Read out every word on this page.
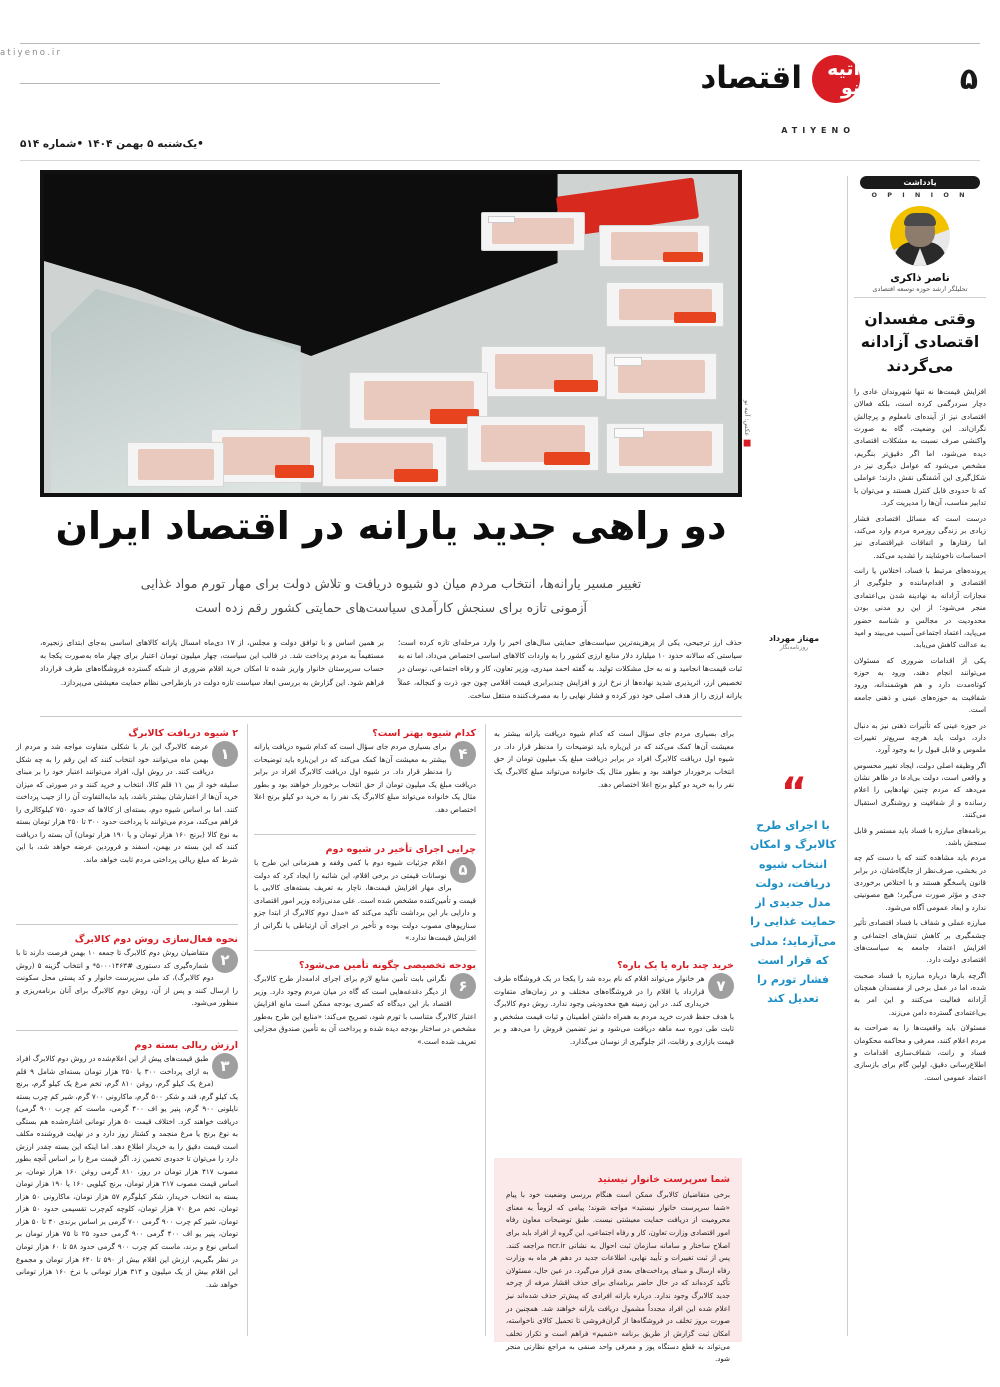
atiyeno.ir
۵
اقتصاد	آتیه نو
ATIYENO
•یک‌شنبه ۵ بهمن ۱۴۰۴ •شماره ۵۱۴
یادداشت
O P I N I O N
ناصر ذاکری
تحلیلگر ارشد حوزه توسعه اقتصادی
وقتی مفسدان اقتصادی آزادانه می‌گردند

افزایش قیمت‌ها نه تنها شهروندان عادی را دچار سردرگمی کرده است، بلکه فعالان اقتصادی نیز از آینده‌ای نامعلوم و پرچالش نگران‌اند. این وضعیت، گاه به صورت واکنشی صرف نسبت به مشکلات اقتصادی دیده می‌شود، اما اگر دقیق‌تر بنگریم، مشخص می‌شود که عوامل دیگری نیز در شکل‌گیری این آشفتگی نقش دارند؛ عواملی که تا حدودی قابل کنترل هستند و می‌توان با تدابیر مناسب، آن‌ها را مدیریت کرد.

درست است که مسائل اقتصادی فشار زیادی بر زندگی روزمره مردم وارد می‌کند، اما رفتارها و اتفاقات غیراقتصادی نیز احساسات ناخوشایند را تشدید می‌کند.

پرونده‌های مرتبط با فساد، اختلاس یا رانت اقتصادی و اقدام‌ماننده و جلوگیری از مجازات آزادانه به نهادینه شدن بی‌اعتمادی منجر می‌شود؛ از این رو مدنی بودن محدودیت در مجالس و شناسه حضور می‌پاید، اعتماد اجتماعی آسیب می‌بیند و امید به عدالت کاهش می‌یابد.

یکی از اقدامات ضروری که مسئولان می‌توانند انجام دهند، ورود به حوزه کوتاه‌مدت دارد و هم هوشمندانه، ورود شفافیت به حوزه‌های عینی و ذهنی جامعه است.

در حوزه عینی که تأثیرات ذهنی نیز به دنبال دارد، دولت باید هرچه سریع‌تر تغییرات ملموس و قابل قبول را به وجود آورد.

اگر وظیفه اصلی دولت، ایجاد تغییر محسوس و واقعی است، دولت بی‌ادعا در ظاهر نشان می‌دهد که مردم چنین نهادهایی را اعلام رسانده و از شفافیت و روشنگری استقبال می‌کنند.

برنامه‌های مبارزه با فساد باید مستمر و قابل سنجش باشد.

مردم باید مشاهده کنند که با دست کم چه در بخشی، صرف‌نظر از جایگاه‌شان، در برابر قانون پاسخگو هستند و با اختلاص برخوردی جدی و مؤثر صورت می‌گیرد؛ هیچ مصونیتی ندارد و ابعاد عمومی آگاه می‌شود.

مبارزه عملی و شفاف با فساد اقتصادی تأثیر چشمگیری بر کاهش تنش‌های اجتماعی و افزایش اعتماد جامعه به سیاست‌های اقتصادی دولت دارد.

اگرچه بارها درباره مبارزه با فساد صحبت شده، اما در عمل برخی از مفسدان همچنان آزادانه فعالیت می‌کنند و این امر به بی‌اعتمادی گسترده دامن می‌زند.

مسئولان باید واقعیت‌ها را به صراحت به مردم اعلام کنند، معرفی و محاکمه محکومان فساد و رانت، شفاف‌سازی اقدامات و اطلاع‌رسانی دقیق، اولین گام برای بازسازی اعتماد عمومی است.

■ عکس: آتیه نو
دو راهی جدید یارانه در اقتصاد ایران
تغییر مسیر یارانه‌ها، انتخاب مردم میان دو شیوه دریافت و تلاش دولت برای مهار تورم مواد غذایی
آزمونی تازه برای سنجش کارآمدی سیاست‌های حمایتی کشور رقم زده است
مهناز مهرداد
روزنامه‌نگار

حذف ارز ترجیحی، یکی از پرهزینه‌ترین سیاست‌های حمایتی سال‌های اخیر را وارد مرحله‌ای تازه کرده است؛ سیاستی که سالانه حدود ۱۰ میلیارد دلار منابع ارزی کشور را به واردات کالاهای اساسی اختصاص می‌داد، اما نه به ثبات قیمت‌ها انجامید و نه به حل مشکلات تولید. به گفته احمد میدری، وزیر تعاون، کار و رفاه اجتماعی، نوسان در تخصیص ارز، اثرپذیری شدید نهاده‌ها از نرخ ارز و افزایش چندبرابری قیمت اقلامی چون جو، ذرت و کنجاله، عملاً یارانه ارزی را از هدف اصلی خود دور کرده و فشار نهایی را به مصرف‌کننده منتقل ساخت.

بر همین اساس و با توافق دولت و مجلس، از ۱۷ دی‌ماه امسال یارانه کالاهای اساسی به‌جای ابتدای زنجیره، مستقیماً به مردم پرداخت شد. در قالب این سیاست، چهار میلیون تومان اعتبار برای چهار ماه به‌صورت یکجا به حساب سرپرستان خانوار واریز شده تا امکان خرید اقلام ضروری از شبکه گسترده فروشگاه‌های طرف قرارداد فراهم شود. این گزارش به بررسی ابعاد سیاست تازه دولت در بازطراحی نظام حمایت معیشتی می‌پردازد.

“
با اجرای طرح کالابرگ و امکان انتخاب شیوه دریافت، دولت مدل جدیدی از حمایت غذایی را می‌آزماید؛ مدلی که قرار است فشار تورم را تعدیل کند
۲ شیوه دریافت کالابرگ
۱
عرضه کالابرگ این بار با شکلی متفاوت مواجه شد و مردم از بهمن ماه می‌توانند خود انتخاب کنند که این رقم را به چه شکل دریافت کنند. در روش اول، افراد می‌توانند اعتبار خود را بر مبنای سلیقه خود از بین ۱۱ قلم کالا، انتخاب و خرید کنند و در صورتی که میزان خرید آن‌ها از اعتبارشان بیشتر باشد، باید مابه‌التفاوت آن را از جیب پرداخت کنند. اما بر اساس شیوه دوم، بسته‌ای از کالاها که حدود ۷۵۰ کیلوکالری را فراهم می‌کند، مردم می‌توانند با پرداخت حدود ۳۰۰ تا ۲۵۰ هزار تومان بسته به نوع کالا (برنج ۱۶۰ هزار تومان و یا ۱۹۰ هزار تومان) آن بسته را دریافت کنند که این بسته در بهمن، اسفند و فروردین عرضه خواهد شد، با این شرط که مبلغ ریالی پرداختی مردم ثابت خواهد ماند.
نحوه فعال‌سازی روش دوم کالابرگ
۲
متقاضیان روش دوم کالابرگ تا جمعه ۱۰ بهمن فرصت دارند تا با شماره‌گیری کد دستوری #۵۰۰۰۱۴۶۳* و انتخاب گزینه ۵ (روش دوم کالابرگ)، کد ملی سرپرست خانوار و کد پستی محل سکونت را ارسال کنند و پس از آن، روش دوم کالابرگ برای آنان برنامه‌ریزی و منظور می‌شود.
ارزش ریالی بسته دوم
۳
طبق قیمت‌های پیش از این اعلام‌شده در روش دوم کالابرگ افراد به ازای پرداخت ۳۰۰ یا ۲۵۰ هزار تومان بسته‌ای شامل ۹ قلم (مرغ یک کیلو گرم، روغن ۸۱۰ گرم، تخم مرغ یک کیلو گرم، برنج یک کیلو گرم، قند و شکر ۵۰۰ گرم، ماکارونی ۷۰۰ گرم، شیر کم چرب بسته نایلونی ۹۰۰ گرم، پنیر یو اف ۴۰۰ گرمی، ماست کم چرب ۹۰۰ گرمی) دریافت خواهند کرد. اختلاف قیمت ۵۰ هزار تومانی اشاره‌شده هم بستگی به نوع برنج یا مرغ منجمد و کشتار روز دارد و در نهایت فروشنده مکلف است قیمت دقیق را به خریدار اطلاع دهد. اما اینکه این بسته چقدر ارزش دارد را می‌توان تا حدودی تخمین زد. اگر قیمت مرغ را بر اساس آنچه بطور مصوب ۴۱۷ هزار تومان در روز، ۸۱۰ گرمی روغن ۱۶۰ هزار تومان، بر اساس قیمت مصوب ۲۱۷ هزار تومان، برنج کیلویی ۱۶۰ یا ۱۹۰ هزار تومان بسته به انتخاب خریدار، شکر کیلوگرم ۵۷ هزار تومان، ماکارونی ۵۰ هزار تومان، تخم مرغ ۷۰ هزار تومان، کلوچه کم‌چرب تقسیمی حدود ۵۰ هزار تومان، شیر کم چرب ۹۰۰ گرمی ۷۰۰ گرمی بر اساس برندی ۴۰ تا ۵۰ هزار تومان، پنیر یو اف ۴۰۰ گرمی ۹۰۰ گرمی حدود ۲۵ تا ۷۵ هزار تومان بر اساس نوع و برند، ماست کم چرب ۹۰۰ گرمی حدود ۵۸ تا ۶۰ هزار تومان در نظر بگیریم، ارزش این اقلام بیش از ۵۹۰ تا ۶۴۰ هزار تومان و مجموع این اقلام بیش از یک میلیون و ۳۱۴ هزار تومانی با نرخ ۱۶۰ هزار تومانی خواهد شد.
کدام شیوه بهتر است؟
۴
برای بسیاری مردم جای سؤال است که کدام شیوه دریافت یارانه بیشتر به معیشت آن‌ها کمک می‌کند که در این‌باره باید توضیحات را مدنظر قرار داد. در شیوه اول دریافت کالابرگ افراد در برابر دریافت مبلغ یک میلیون تومان از حق انتخاب برخوردار خواهند بود و بطور مثال یک خانواده می‌تواند مبلغ کالابرگ یک نفر را به خرید دو کیلو برنج اعلا اختصاص دهد.
چرایی اجرای تأخیر در شیوه دوم
۵
اعلام جزئیات شیوه دوم با کمی وقفه و همزمانی این طرح با نوسانات قیمتی در برخی اقلام، این شائبه را ایجاد کرد که دولت برای مهار افزایش قیمت‌ها، ناچار به تعریف بسته‌های کالایی با قیمت و تأمین‌کننده مشخص شده است. علی مدنی‌زاده وزیر امور اقتصادی و دارایی بار این برداشت تأکید می‌کند که «مدل دوم کالابرگ از ابتدا جزو سناریوهای مصوب دولت بوده و تأخیر در اجرای آن ارتباطی با نگرانی از افزایش قیمت‌ها ندارد.»
بودجه تخصیصی چگونه تأمین می‌شود؟
۶
نگرانی بابت تأمین منابع لازم برای اجرای ادامه‌دار طرح کالابرگ از دیگر دغدغه‌هایی است که گاه در میان مردم وجود دارد. وزیر اقتصاد بار این دیدگاه که کسری بودجه ممکن است مانع افزایش اعتبار کالابرگ متناسب با تورم شود، تصریح می‌کند: «منابع این طرح به‌طور مشخص در ساختار بودجه دیده شده و پرداخت آن به تأمین صندوق مجزایی تعریف شده است.»
خرید چند باره یا یک باره؟
۷
هر خانوار می‌تواند اقلام که نام برده شد را یکجا در یک فروشگاه طرف قرارداد یا اقلام را در فروشگاه‌های مختلف و در زمان‌های متفاوت خریداری کند. در این زمینه هیچ محدودیتی وجود ندارد. روش دوم کالابرگ با هدف حفظ قدرت خرید مردم به همراه داشتن اطمینان و ثبات قیمت مشخص و ثابت طی دوره سه ماهه دریافت می‌شود و نیز تضمین فروش را می‌دهد و بر قیمت بازاری و رقابت، اثر جلوگیری از نوسان می‌گذارد.

برای بسیاری مردم جای سؤال است که کدام شیوه دریافت یارانه بیشتر به معیشت آن‌ها کمک می‌کند که در این‌باره باید توضیحات را مدنظر قرار داد. در شیوه اول دریافت کالابرگ افراد در برابر دریافت مبلغ یک میلیون تومان از حق انتخاب برخوردار خواهند بود و بطور مثال یک خانواده می‌تواند مبلغ کالابرگ یک نفر را به خرید دو کیلو برنج اعلا اختصاص دهد.

شما سرپرست خانوار نیستید
برخی متقاضیان کالابرگ ممکن است هنگام بررسی وضعیت خود با پیام «شما سرپرست خانوار نیستید» مواجه شوند؛ پیامی که لزوماً به معنای محرومیت از دریافت حمایت معیشتی نیست. طبق توضیحات معاون رفاه امور اقتصادی وزارت تعاون، کار و رفاه اجتماعی، این گروه از افراد باید برای اصلاح ساختار و سامانه سازمان ثبت احوال به نشانی ncr.ir مراجعه کنند. پس از ثبت تغییرات و تأیید نهایی، اطلاعات جدید در دهم هر ماه به وزارت رفاه ارسال و مبنای پرداخت‌های بعدی قرار می‌گیرد. در عین حال، مسئولان تأکید کرده‌اند که در حال حاضر برنامه‌ای برای حذف اقشار مرفه از چرخه جدید کالابرگ وجود ندارد. درباره یارانه افرادی که پیش‌تر حذف شده‌اند نیز اعلام شده این افراد مجدداً مشمول دریافت یارانه خواهند شد. همچنین در صورت بروز تخلف در فروشگاه‌ها از گران‌فروشی تا تحمیل کالای ناخواسته، امکان ثبت گزارش از طریق برنامه «شمیم» فراهم است و تکرار تخلف می‌تواند به قطع دستگاه پوز و معرفی واحد صنفی به مراجع نظارتی منجر شود.
